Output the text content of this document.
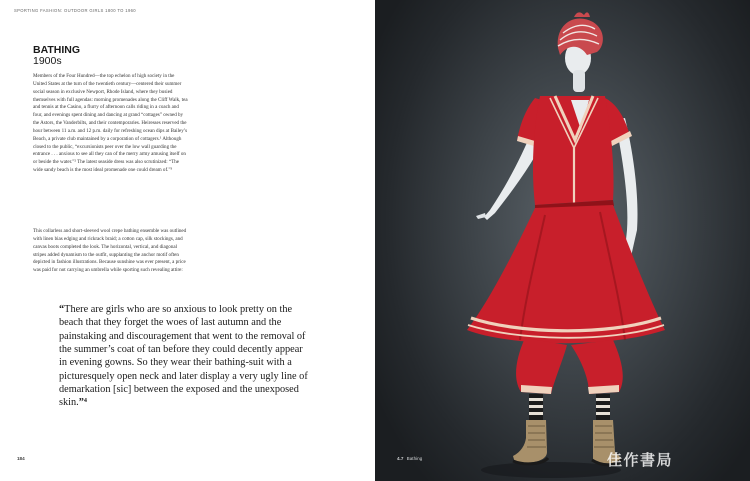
SPORTING FASHION: OUTDOOR GIRLS 1800 TO 1960
BATHING
1900s
Members of the Four Hundred—the top echelon of high society in the United States at the turn of the twentieth century—centered their summer social season in exclusive Newport, Rhode Island, where they busied themselves with full agendas: morning promenades along the Cliff Walk, tea and tennis at the Casino, a flurry of afternoon calls riding in a coach and four, and evenings spent dining and dancing at grand “cottages” owned by the Astors, the Vanderbilts, and their contemporaries. Heiresses reserved the hour between 11 a.m. and 12 p.m. daily for refreshing ocean dips at Bailey’s Beach, a private club maintained by a corporation of cottagers.¹ Although closed to the public, “excursionists peer over the low wall guarding the entrance . . . anxious to see all they can of the merry army amusing itself on or beside the water.”² The latest seaside dress was also scrutinized: “The wide sandy beach is the most ideal promenade one could dream of.”³
This collarless and short-sleeved wool crepe bathing ensemble was outlined with linen bias edging and rickrack braid; a cotton cap, silk stockings, and canvas boots completed the look. The horizontal, vertical, and diagonal stripes added dynamism to the outfit, supplanting the anchor motif often depicted in fashion illustrations. Because sunshine was ever present, a price was paid for not carrying an umbrella while sporting such revealing attire:
“There are girls who are so anxious to look pretty on the beach that they forget the woes of last autumn and the painstaking and discouragement that went to the removal of the summer’s coat of tan before they could decently appear in evening gowns. So they wear their bathing-suit with a picturesquely open neck and later display a very ugly line of demarkation [sic] between the exposed and the unexposed skin.”⁴
184	4.7 Bathing	佳作書局
